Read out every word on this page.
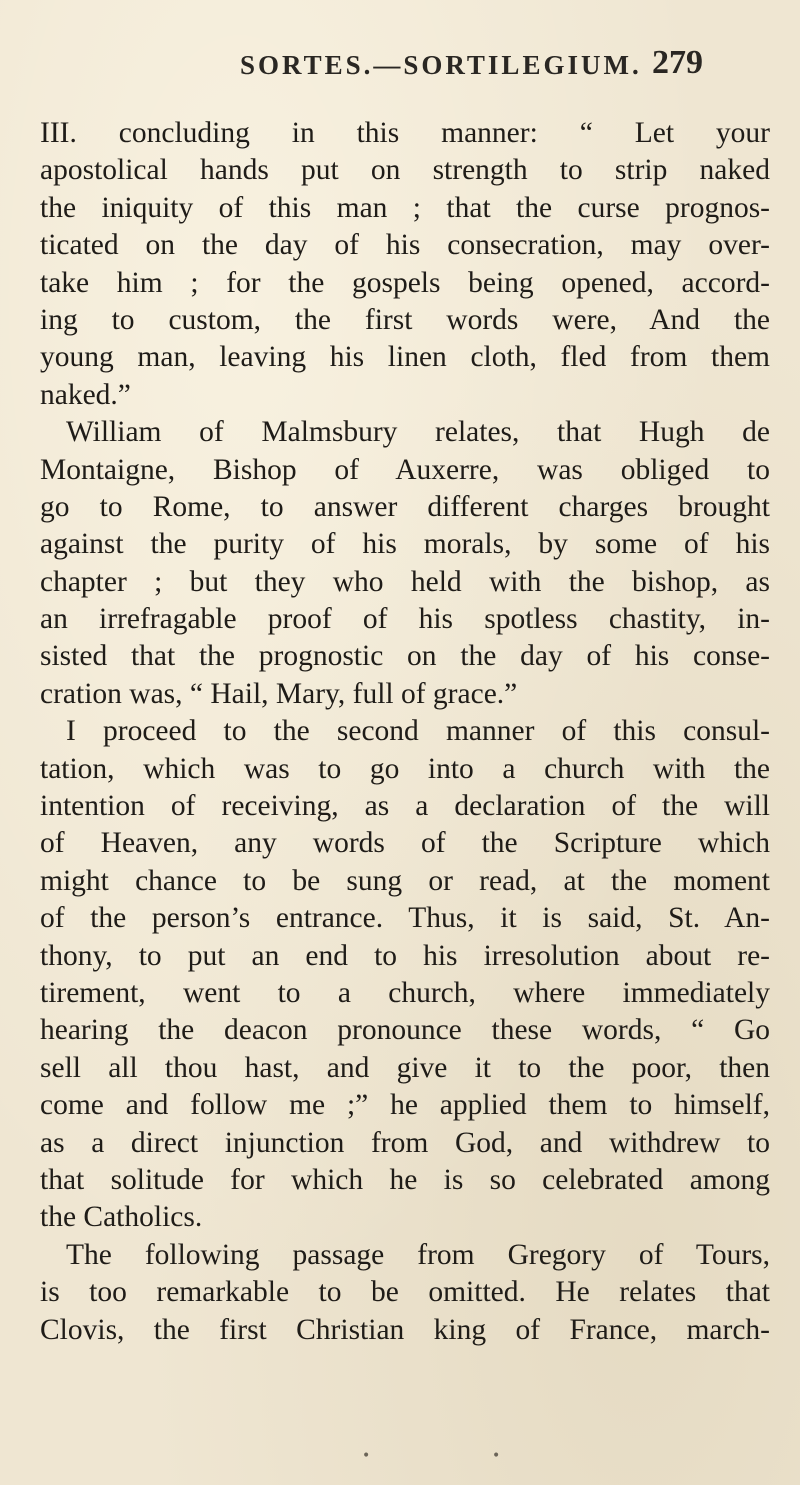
SORTES.—SORTILEGIUM. 279
III. concluding in this manner: “ Let your
apostolical hands put on strength to strip naked
the iniquity of this man ; that the curse prognos-
ticated on the day of his consecration, may over-
take him ; for the gospels being opened, accord-
ing to custom, the first words were, And the
young man, leaving his linen cloth, fled from them
naked.”
William of Malmsbury relates, that Hugh de
Montaigne, Bishop of Auxerre, was obliged to
go to Rome, to answer different charges brought
against the purity of his morals, by some of his
chapter ; but they who held with the bishop, as
an irrefragable proof of his spotless chastity, in-
sisted that the prognostic on the day of his conse-
cration was, “ Hail, Mary, full of grace.”
I proceed to the second manner of this consul-
tation, which was to go into a church with the
intention of receiving, as a declaration of the will
of Heaven, any words of the Scripture which
might chance to be sung or read, at the moment
of the person’s entrance. Thus, it is said, St. An-
thony, to put an end to his irresolution about re-
tirement, went to a church, where immediately
hearing the deacon pronounce these words, “ Go
sell all thou hast, and give it to the poor, then
come and follow me ;” he applied them to himself,
as a direct injunction from God, and withdrew to
that solitude for which he is so celebrated among
the Catholics.
The following passage from Gregory of Tours,
is too remarkable to be omitted. He relates that
Clovis, the first Christian king of France, march-
•	•
